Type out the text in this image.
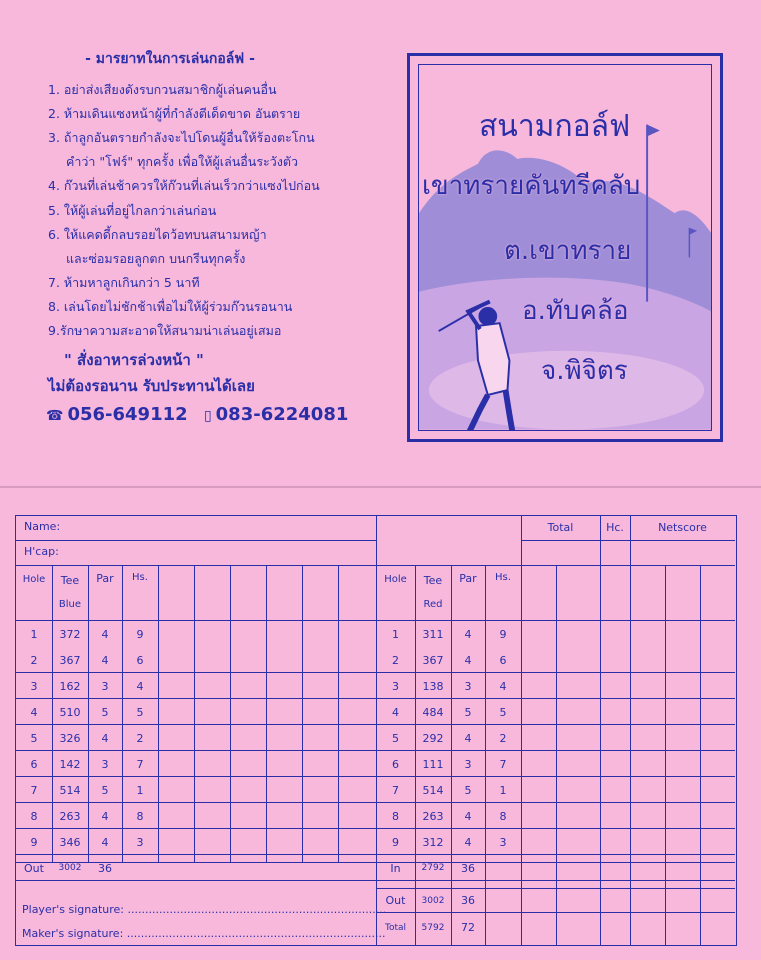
- มารยาทในการเล่นกอล์ฟ -
1. อย่าส่งเสียงดังรบกวนสมาชิกผู้เล่นคนอื่น
2. ห้ามเดินแซงหน้าผู้ที่กำลังตีเด็ดขาด อันตราย
3. ถ้าลูกอันตรายกำลังจะไปโดนผู้อื่นให้ร้องตะโกน
คำว่า "โฟร์" ทุกครั้ง เพื่อให้ผู้เล่นอื่นระวังตัว
4. ก๊วนที่เล่นช้าควรให้ก๊วนที่เล่นเร็วกว่าแซงไปก่อน
5. ให้ผู้เล่นที่อยู่ไกลกว่าเล่นก่อน
6. ให้แคดดี้กลบรอยไดว้อทบนสนามหญ้า
และซ่อมรอยลูกตก บนกรีนทุกครั้ง
7. ห้ามหาลูกเกินกว่า 5 นาที
8. เล่นโดยไม่ชักช้าเพื่อไม่ให้ผู้ร่วมก๊วนรอนาน
9.รักษาความสะอาดให้สนามน่าเล่นอยู่เสมอ
" สั่งอาหารล่วงหน้า "
ไม่ต้องรอนาน รับประทานได้เลย
☎ 056-649112 ▯ 083-6224081
สนามกอล์ฟ
เขาทรายคันทรีคลับ
ต.เขาทราย
อ.ทับคล้อ
จ.พิจิตร
Name:
H'cap:
Total	Hc.	Netscore
Hole	Tee
Blue
Par	Hs.	Hole	Tee
Red
Par	Hs.
1	372	4	9	1	311	4	9
2	367	4	6	2	367	4	6
3	162	3	4	3	138	3	4
4	510	5	5	4	484	5	5
5	326	4	2	5	292	4	2
6	142	3	7	6	111	3	7
7	514	5	1	7	514	5	1
8	263	4	8	8	263	4	8
9	346	4	3	9	312	4	3
Out	3002	36	In	2792	36
Out	3002	36
Total	5792	72
Player's signature: ..........................................................................
Maker's signature: ..........................................................................
